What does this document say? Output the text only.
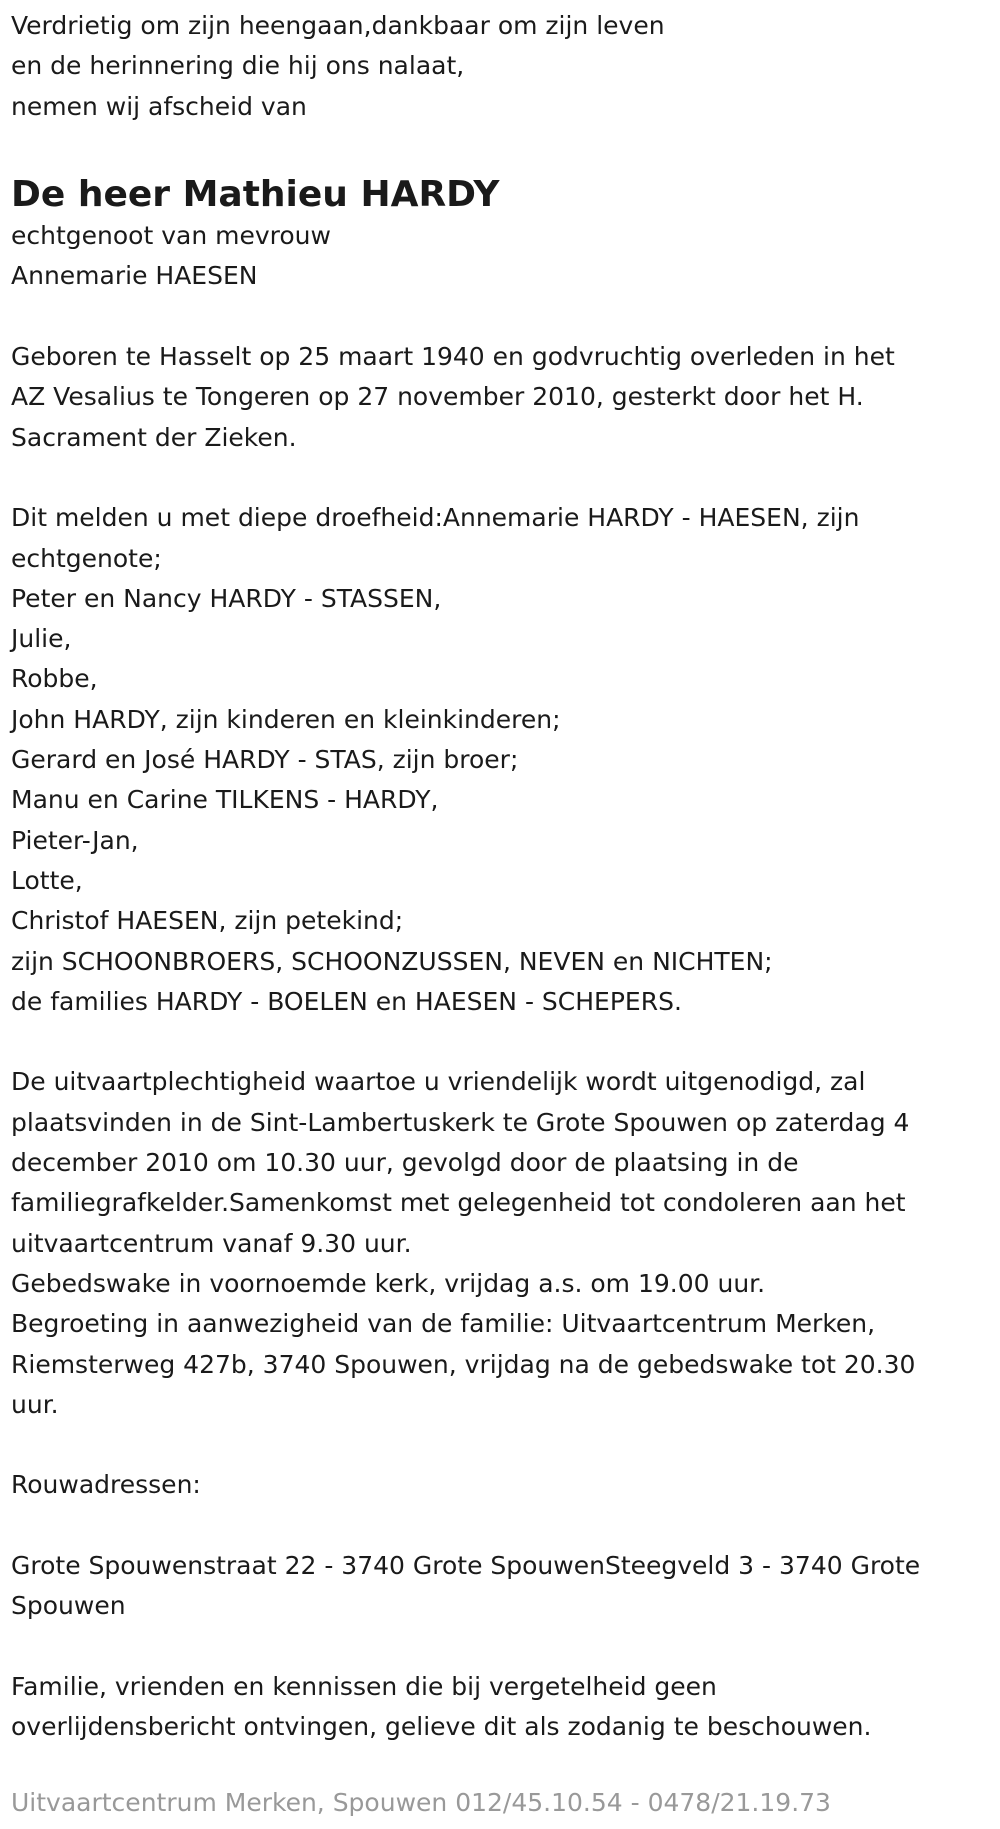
Verdrietig om zijn heengaan,dankbaar om zijn leven
en de herinnering die hij ons nalaat,
nemen wij afscheid van
De heer Mathieu HARDY
echtgenoot van mevrouw
Annemarie HAESEN
Geboren te Hasselt op 25 maart 1940 en godvruchtig overleden in het
AZ Vesalius te Tongeren op 27 november 2010, gesterkt door het H.
Sacrament der Zieken.
Dit melden u met diepe droefheid:Annemarie HARDY - HAESEN, zijn
echtgenote;
Peter en Nancy HARDY - STASSEN,
Julie,
Robbe,
John HARDY, zijn kinderen en kleinkinderen;
Gerard en José HARDY - STAS, zijn broer;
Manu en Carine TILKENS - HARDY,
Pieter-Jan,
Lotte,
Christof HAESEN, zijn petekind;
zijn SCHOONBROERS, SCHOONZUSSEN, NEVEN en NICHTEN;
de families HARDY - BOELEN en HAESEN - SCHEPERS.
De uitvaartplechtigheid waartoe u vriendelijk wordt uitgenodigd, zal
plaatsvinden in de Sint-Lambertuskerk te Grote Spouwen op zaterdag 4
december 2010 om 10.30 uur, gevolgd door de plaatsing in de
familiegrafkelder.Samenkomst met gelegenheid tot condoleren aan het
uitvaartcentrum vanaf 9.30 uur.
Gebedswake in voornoemde kerk, vrijdag a.s. om 19.00 uur.
Begroeting in aanwezigheid van de familie: Uitvaartcentrum Merken,
Riemsterweg 427b, 3740 Spouwen, vrijdag na de gebedswake tot 20.30
uur.
Rouwadressen:
Grote Spouwenstraat 22 - 3740 Grote SpouwenSteegveld 3 - 3740 Grote
Spouwen
Familie, vrienden en kennissen die bij vergetelheid geen
overlijdensbericht ontvingen, gelieve dit als zodanig te beschouwen.
Uitvaartcentrum Merken, Spouwen 012/45.10.54 - 0478/21.19.73
